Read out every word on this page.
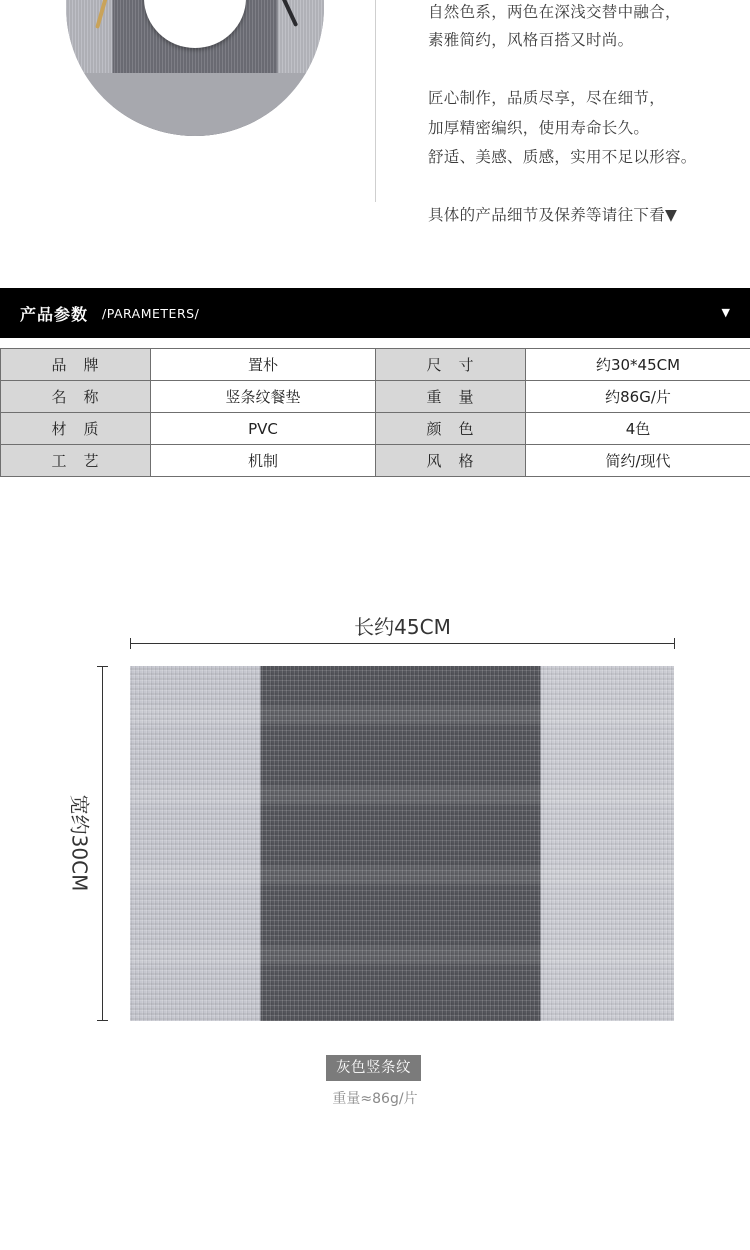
自然色系，两色在深浅交替中融合，
素雅简约，风格百搭又时尚。
匠心制作，品质尽享，尽在细节，
加厚精密编织，使用寿命长久。
舒适、美感、质感，实用不足以形容。
具体的产品细节及保养等请往下看▼
产品参数 /PARAMETERS/	▼
品　牌	置朴	尺　寸	约30*45CM
名　称	竖条纹餐垫	重　量	约86G/片
材　质	PVC	颜　色	4色
工　艺	机制	风　格	简约/现代
长约45CM
宽约30CM
灰色竖条纹
重量≈86g/片
